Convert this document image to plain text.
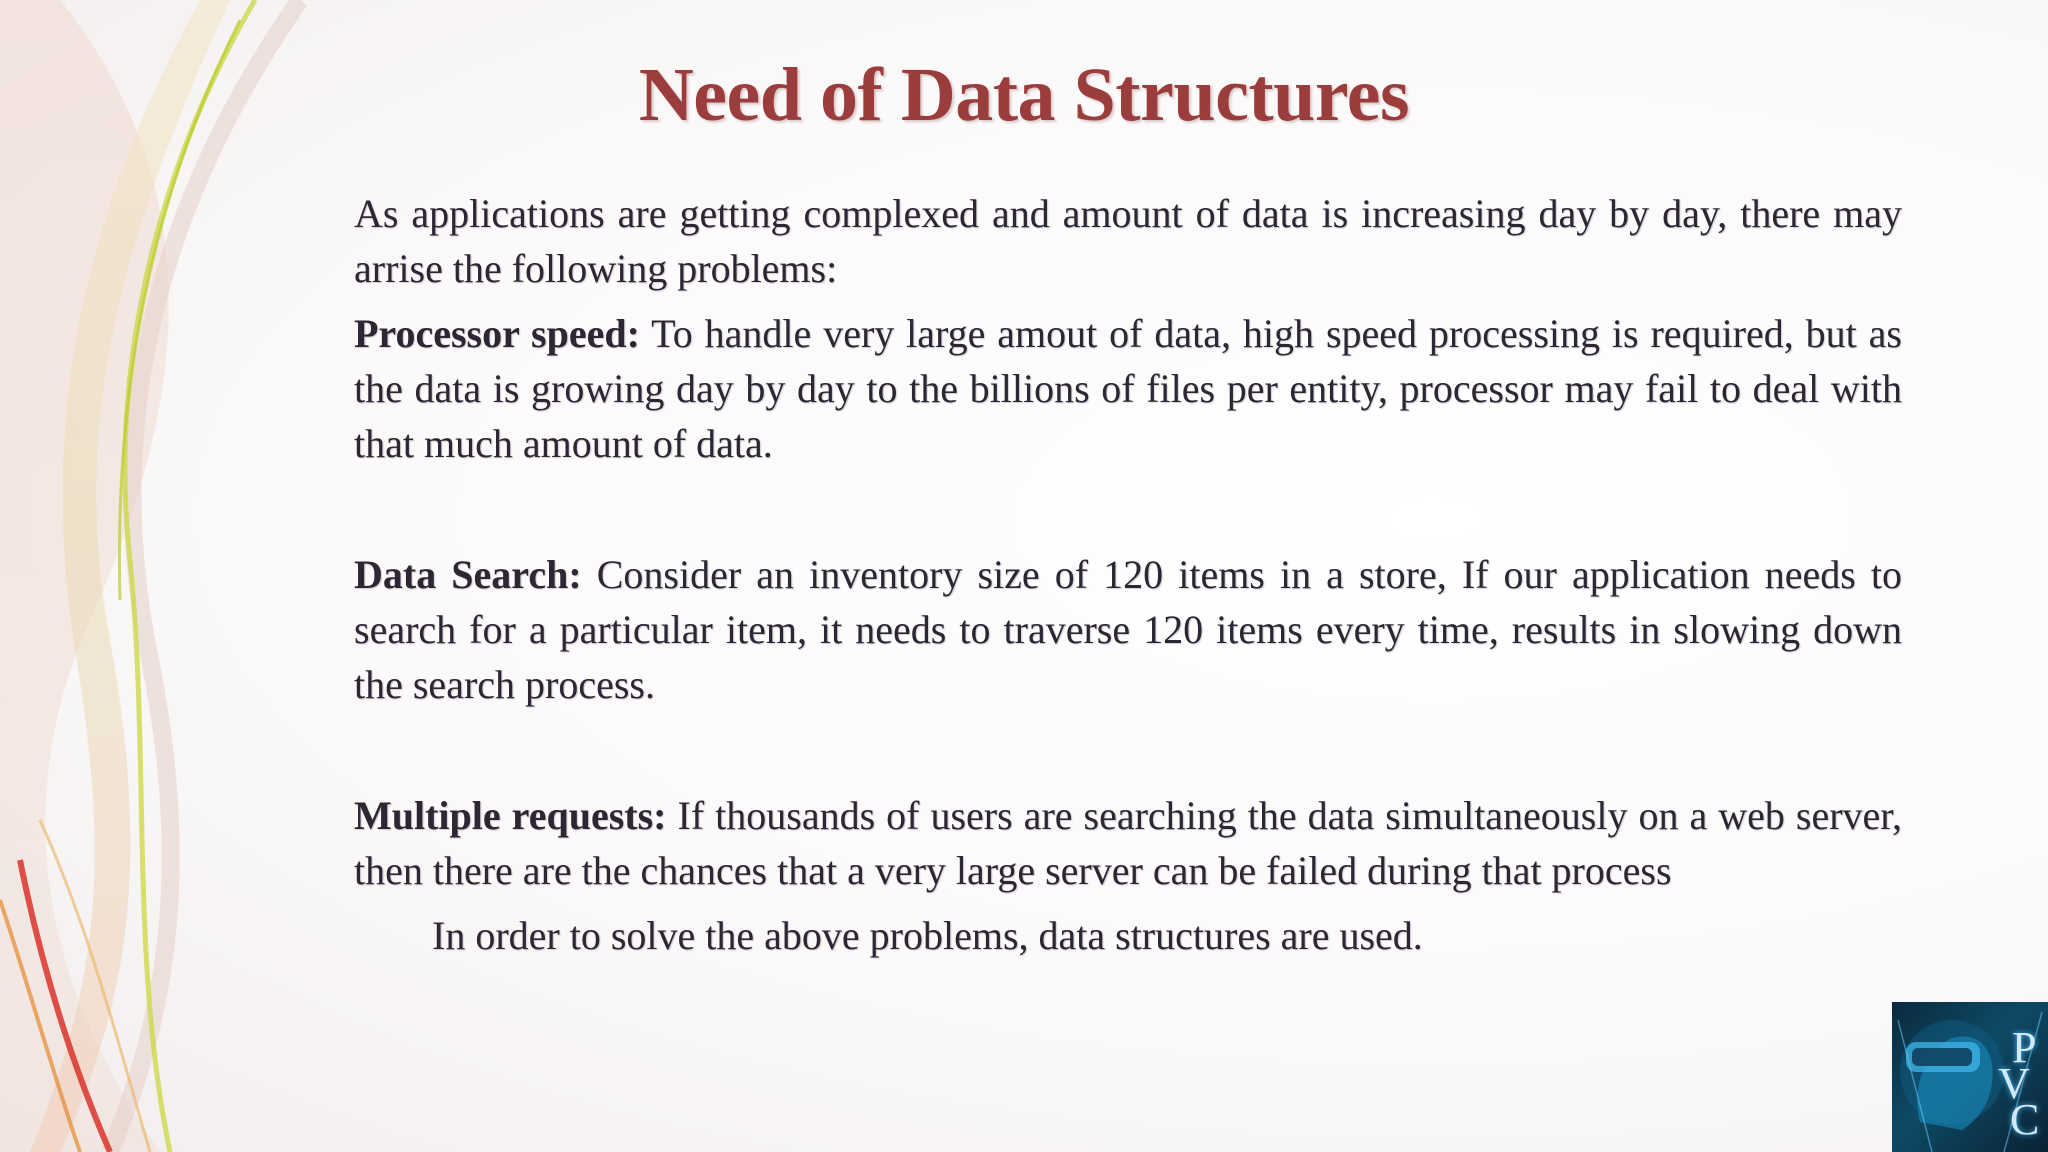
Need of Data Structures

As applications are getting complexed and amount of data is increasing day by day, there may arrise the following problems:

Processor speed: To handle very large amout of data, high speed processing is required, but as the data is growing day by day to the billions of files per entity, processor may fail to deal with that much amount of data.

Data Search: Consider an inventory size of 120 items in a store, If our application needs to search for a particular item, it needs to traverse 120 items every time, results in slowing down the search process.

Multiple requests: If thousands of users are searching the data simultaneously on a web server, then there are the chances that a very large server can be failed during that process

In order to solve the above problems, data structures are used.

P
V
C
